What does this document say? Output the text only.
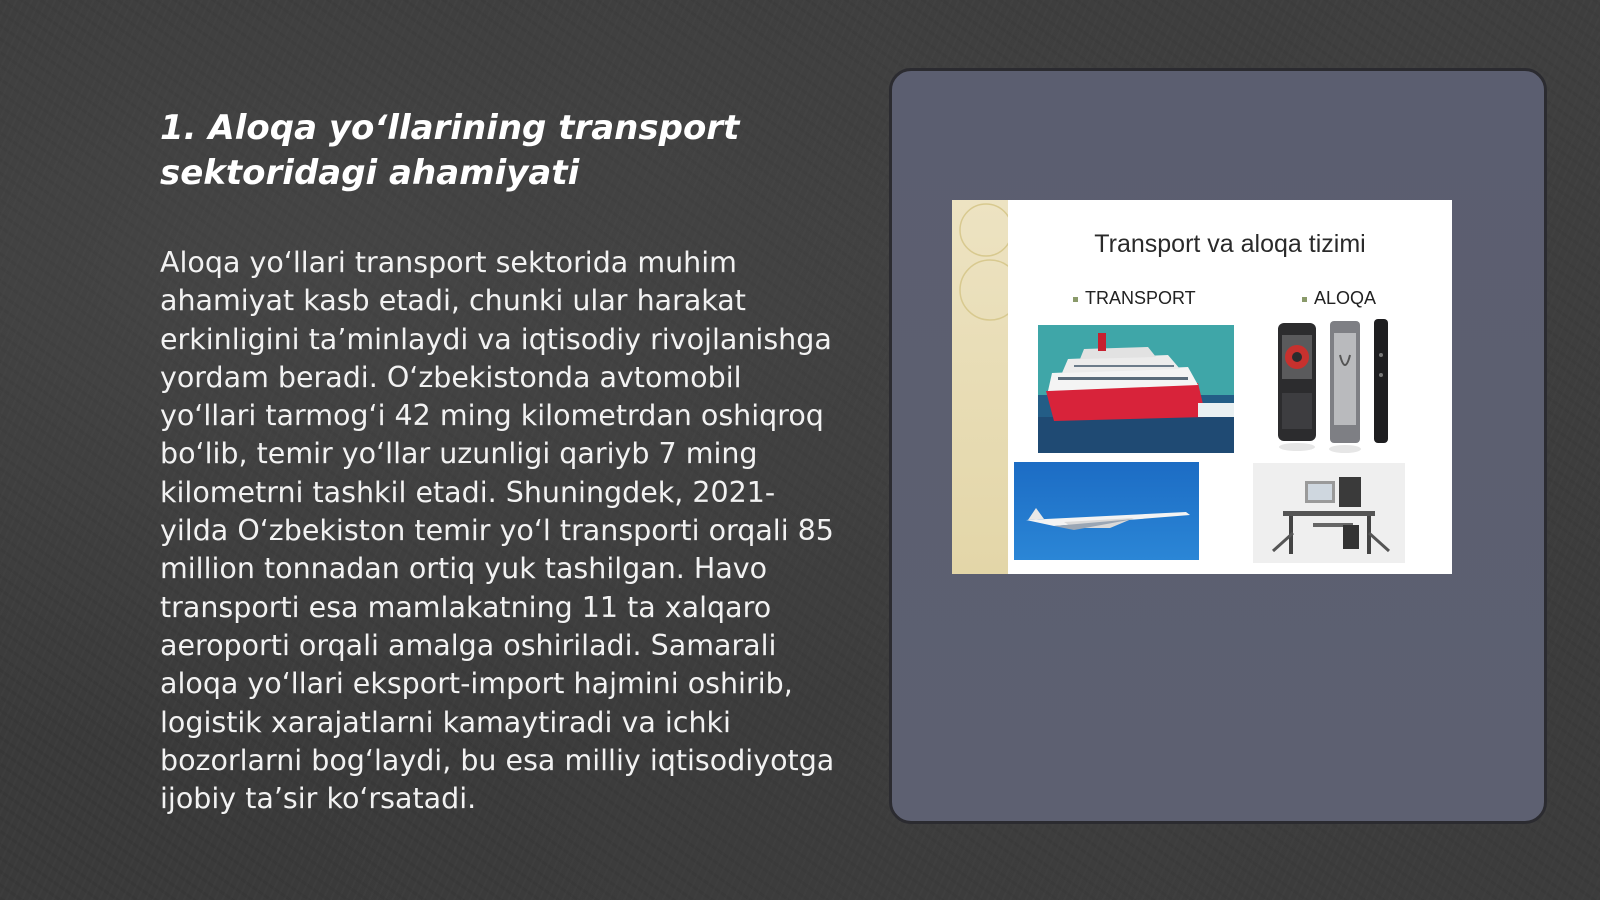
1. Aloqa yo‘llarining transport sektoridagi ahamiyati

Aloqa yo‘llari transport sektorida muhim ahamiyat kasb etadi, chunki ular harakat erkinligini ta’minlaydi va iqtisodiy rivojlanishga yordam beradi. O‘zbekistonda avtomobil yo‘llari tarmog‘i 42 ming kilometrdan oshiqroq bo‘lib, temir yo‘llar uzunligi qariyb 7 ming kilometrni tashkil etadi. Shuningdek, 2021-yilda O‘zbekiston temir yo‘l transporti orqali 85 million tonnadan ortiq yuk tashilgan. Havo transporti esa mamlakatning 11 ta xalqaro aeroporti orqali amalga oshiriladi. Samarali aloqa yo‘llari eksport-import hajmini oshirib, logistik xarajatlarni kamaytiradi va ichki bozorlarni bog‘laydi, bu esa milliy iqtisodiyotga ijobiy ta’sir ko‘rsatadi.

Transport va aloqa tizimi

TRANSPORT	ALOQA
